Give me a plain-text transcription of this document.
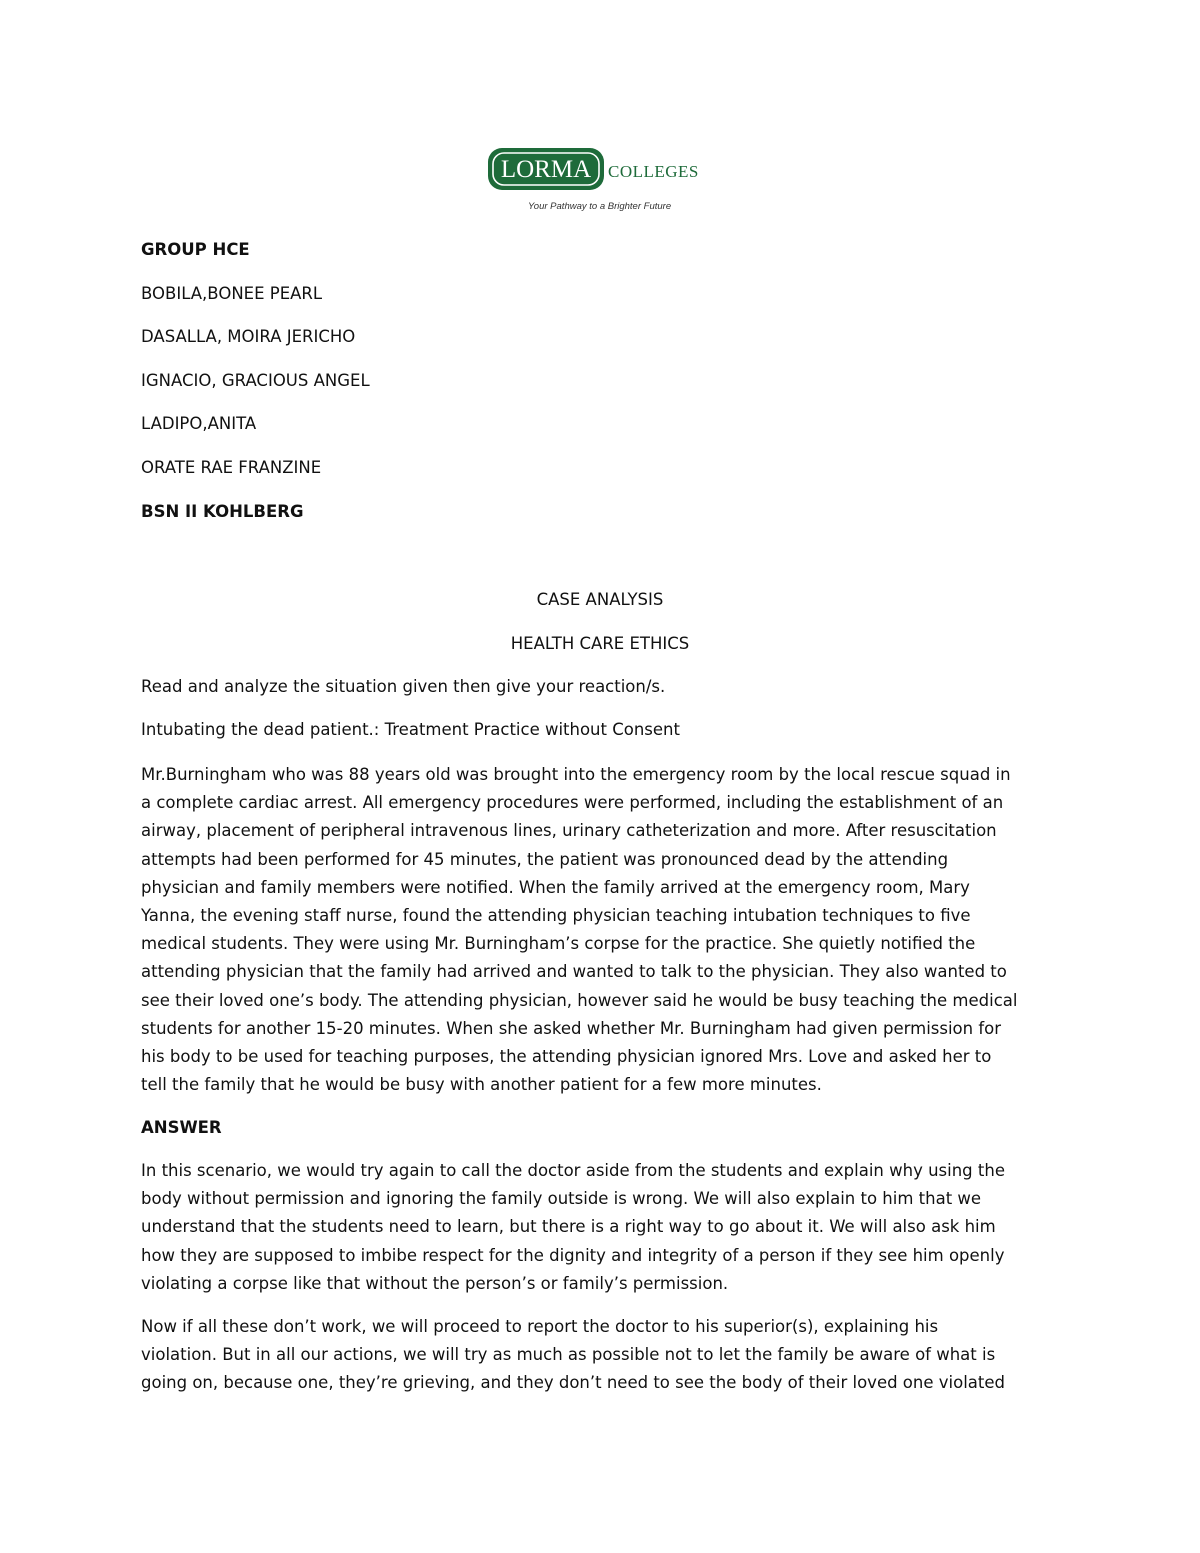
LORMA COLLEGES
Your Pathway to a Brighter Future

GROUP HCE

BOBILA,BONEE PEARL

DASALLA, MOIRA JERICHO

IGNACIO, GRACIOUS ANGEL

LADIPO,ANITA

ORATE RAE FRANZINE

BSN II KOHLBERG

CASE ANALYSIS

HEALTH CARE ETHICS

Read and analyze the situation given then give your reaction/s.

Intubating the dead patient.: Treatment Practice without Consent

Mr.Burningham who was 88 years old was brought into the emergency room by the local rescue squad in
a complete cardiac arrest. All emergency procedures were performed, including the establishment of an
airway, placement of peripheral intravenous lines, urinary catheterization and more. After resuscitation
attempts had been performed for 45 minutes, the patient was pronounced dead by the attending
physician and family members were notified. When the family arrived at the emergency room, Mary
Yanna, the evening staff nurse, found the attending physician teaching intubation techniques to five
medical students. They were using Mr. Burningham’s corpse for the practice. She quietly notified the
attending physician that the family had arrived and wanted to talk to the physician. They also wanted to
see their loved one’s body. The attending physician, however said he would be busy teaching the medical
students for another 15-20 minutes. When she asked whether Mr. Burningham had given permission for
his body to be used for teaching purposes, the attending physician ignored Mrs. Love and asked her to
tell the family that he would be busy with another patient for a few more minutes.

ANSWER

In this scenario, we would try again to call the doctor aside from the students and explain why using the
body without permission and ignoring the family outside is wrong. We will also explain to him that we
understand that the students need to learn, but there is a right way to go about it. We will also ask him
how they are supposed to imbibe respect for the dignity and integrity of a person if they see him openly
violating a corpse like that without the person’s or family’s permission.
Now if all these don’t work, we will proceed to report the doctor to his superior(s), explaining his
violation. But in all our actions, we will try as much as possible not to let the family be aware of what is
going on, because one, they’re grieving, and they don’t need to see the body of their loved one violated
